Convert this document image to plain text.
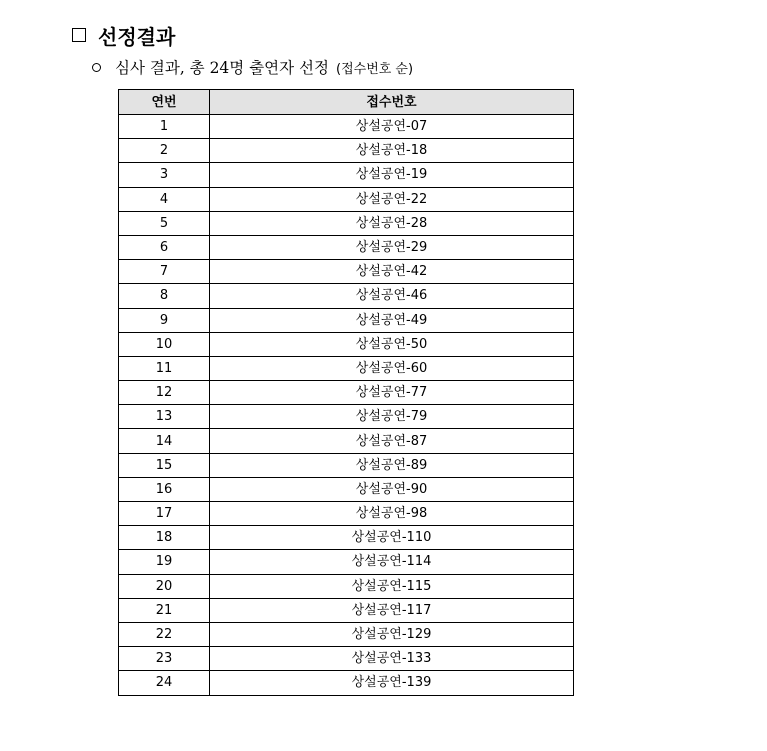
선정결과
심사 결과, 총 24명 출연자 선정 (접수번호 순)
연번	접수번호
1	상설공연-07
2	상설공연-18
3	상설공연-19
4	상설공연-22
5	상설공연-28
6	상설공연-29
7	상설공연-42
8	상설공연-46
9	상설공연-49
10	상설공연-50
11	상설공연-60
12	상설공연-77
13	상설공연-79
14	상설공연-87
15	상설공연-89
16	상설공연-90
17	상설공연-98
18	상설공연-110
19	상설공연-114
20	상설공연-115
21	상설공연-117
22	상설공연-129
23	상설공연-133
24	상설공연-139
